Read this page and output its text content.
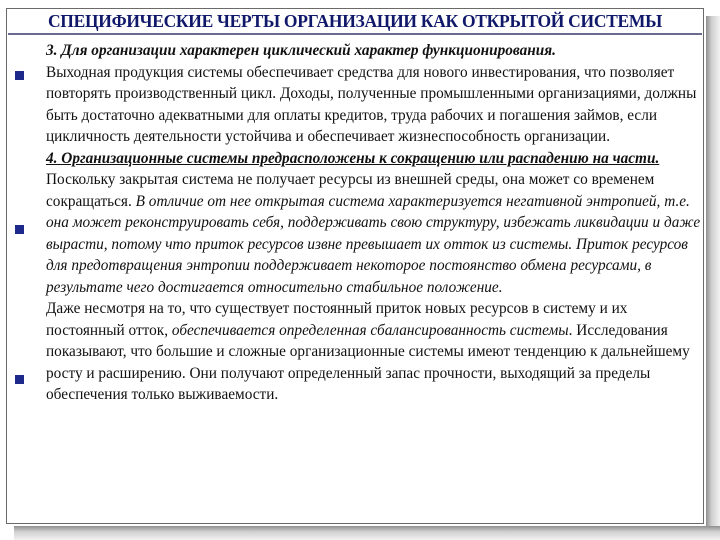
СПЕЦИФИЧЕСКИЕ ЧЕРТЫ ОРГАНИЗАЦИИ КАК ОТКРЫТОЙ СИСТЕМЫ

3. Для организации характерен циклический характер функционирования.

Выходная продукция системы обеспечивает средства для нового инвестирования, что позволяет повторять производственный цикл. Доходы, полученные промышленными организациями, должны быть достаточно адекватными для оплаты кредитов, труда рабочих и погашения займов, если цикличность деятельности устойчива и обеспечивает жизнеспособность организации.

4. Организационные системы предрасположены к сокращению или распадению на части.

Поскольку закрытая система не получает ресурсы из внешней среды, она может со временем сокращаться. В отличие от нее открытая система характеризуется негативной энтропией, т.е. она может реконструировать себя, поддерживать свою структуру, избежать ликвидации и даже вырасти, потому что приток ресурсов извне превышает их отток из системы. Приток ресурсов для предотвращения энтропии поддерживает некоторое постоянство обмена ресурсами, в результате чего достигается относительно стабильное положение.

Даже несмотря на то, что существует постоянный приток новых ресурсов в систему и их постоянный отток, обеспечивается определенная сбалансированность системы. Исследования показывают, что большие и сложные организационные системы имеют тенденцию к дальнейшему росту и расширению. Они получают определенный запас прочности, выходящий за пределы обеспечения только выживаемости.
